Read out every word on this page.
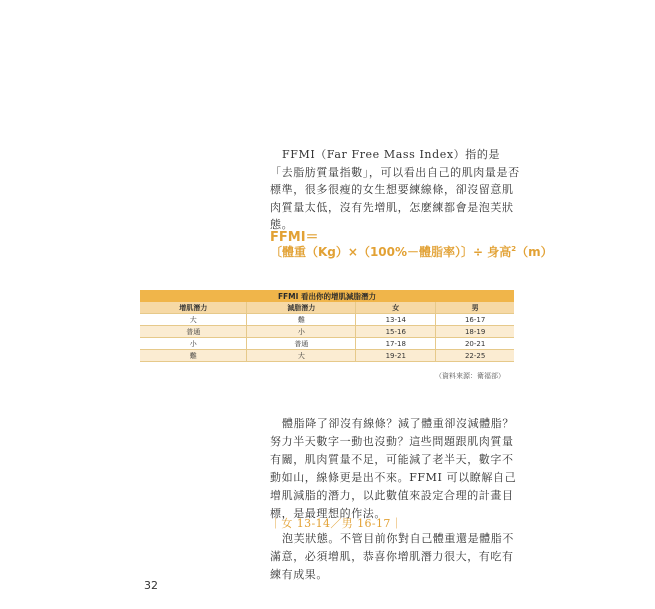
FFMI（Far Free Mass Index）指的是「去脂肪質量指數」，可以看出自己的肌肉量是否標準，很多很瘦的女生想要練線條，卻沒留意肌肉質量太低，沒有先增肌，怎麼練都會是泡芙狀態。

FFMI＝

〔體重（Kg）×（100%－體脂率）〕÷ 身高$^2$（m）

FFMI 看出你的增肌減脂潛力			
增肌潛力	減脂潛力	女	男
大	難	13-14	16-17
普通	小	15-16	18-19
小	普通	17-18	20-21
難	大	19-21	22-25

（資料來源：衛福部）

體脂降了卻沒有線條？減了體重卻沒減體脂？努力半天數字一動也沒動？這些問題跟肌肉質量有關，肌肉質量不足，可能減了老半天，數字不動如山，線條更是出不來。FFMI 可以瞭解自己增肌減脂的潛力，以此數值來設定合理的計畫目標，是最理想的作法。

｜女 13-14／男 16-17｜

泡芙狀態。不管目前你對自己體重還是體脂不滿意，必須增肌，恭喜你增肌潛力很大，有吃有練有成果。

32
